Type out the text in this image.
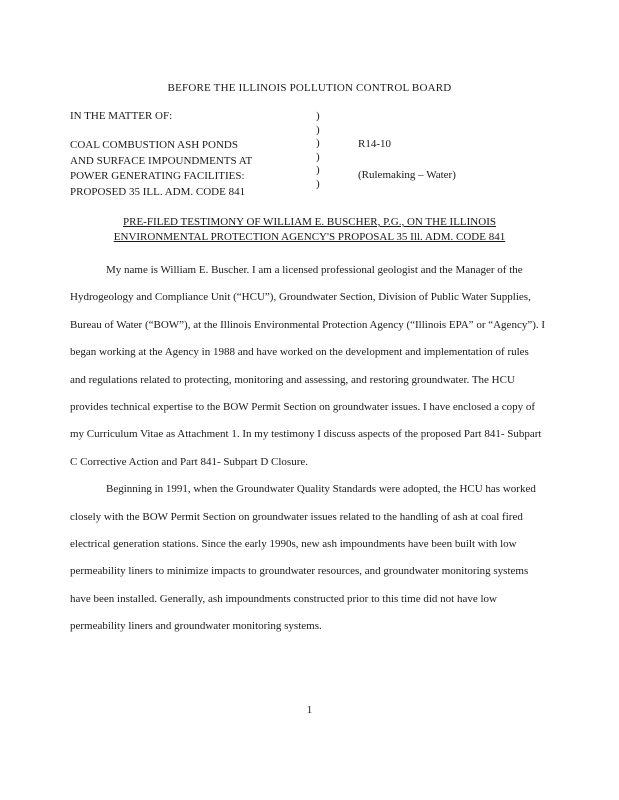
BEFORE THE ILLINOIS POLLUTION CONTROL BOARD
IN THE MATTER OF:
COAL COMBUSTION ASH PONDS
AND SURFACE IMPOUNDMENTS AT
POWER GENERATING FACILITIES:
PROPOSED 35 ILL. ADM. CODE 841
)
)
)
)
)
)
R14-10
(Rulemaking – Water)
PRE-FILED TESTIMONY OF WILLIAM E. BUSCHER, P.G., ON THE ILLINOIS
ENVIRONMENTAL PROTECTION AGENCY'S PROPOSAL 35 Ill. ADM. CODE 841

My name is William E. Buscher. I am a licensed professional geologist and the Manager of the Hydrogeology and Compliance Unit (“HCU”), Groundwater Section, Division of Public Water Supplies, Bureau of Water (“BOW”), at the Illinois Environmental Protection Agency (“Illinois EPA” or “Agency”). I began working at the Agency in 1988 and have worked on the development and implementation of rules and regulations related to protecting, monitoring and assessing, and restoring groundwater. The HCU provides technical expertise to the BOW Permit Section on groundwater issues. I have enclosed a copy of my Curriculum Vitae as Attachment 1. In my testimony I discuss aspects of the proposed Part 841- Subpart C Corrective Action and Part 841- Subpart D Closure.

Beginning in 1991, when the Groundwater Quality Standards were adopted, the HCU has worked closely with the BOW Permit Section on groundwater issues related to the handling of ash at coal fired electrical generation stations. Since the early 1990s, new ash impoundments have been built with low permeability liners to minimize impacts to groundwater resources, and groundwater monitoring systems have been installed. Generally, ash impoundments constructed prior to this time did not have low permeability liners and groundwater monitoring systems.

1
